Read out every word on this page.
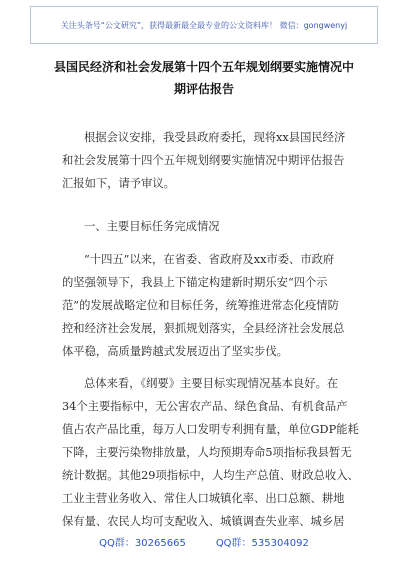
关注头条号“公文研究”，获得最新最全最专业的公文资料库！ 微信：gongwenyj
县国民经济和社会发展第十四个五年规划纲要实施情况中
期评估报告
根据会议安排，我受县政府委托，现将xx县国民经济
和社会发展第十四个五年规划纲要实施情况中期评估报告
汇报如下，请予审议。
一、主要目标任务完成情况
“十四五”以来，在省委、省政府及xx市委、市政府
的坚强领导下，我县上下锚定构建新时期乐安“四个示
范”的发展战略定位和目标任务，统筹推进常态化疫情防
控和经济社会发展，狠抓规划落实，全县经济社会发展总
体平稳，高质量跨越式发展迈出了坚实步伐。
总体来看，《纲要》主要目标实现情况基本良好。在
34个主要指标中，无公害农产品、绿色食品、有机食品产
值占农产品比重，每万人口发明专利拥有量，单位GDP能耗
下降，主要污染物排放量，人均预期寿命5项指标我县暂无
统计数据。其他29项指标中，人均生产总值、财政总收入、
工业主营业务收入、常住人口城镇化率、出口总额、耕地
保有量、农民人均可支配收入、城镇调查失业率、城乡居
QQ群：30265665	QQ群：535304092
